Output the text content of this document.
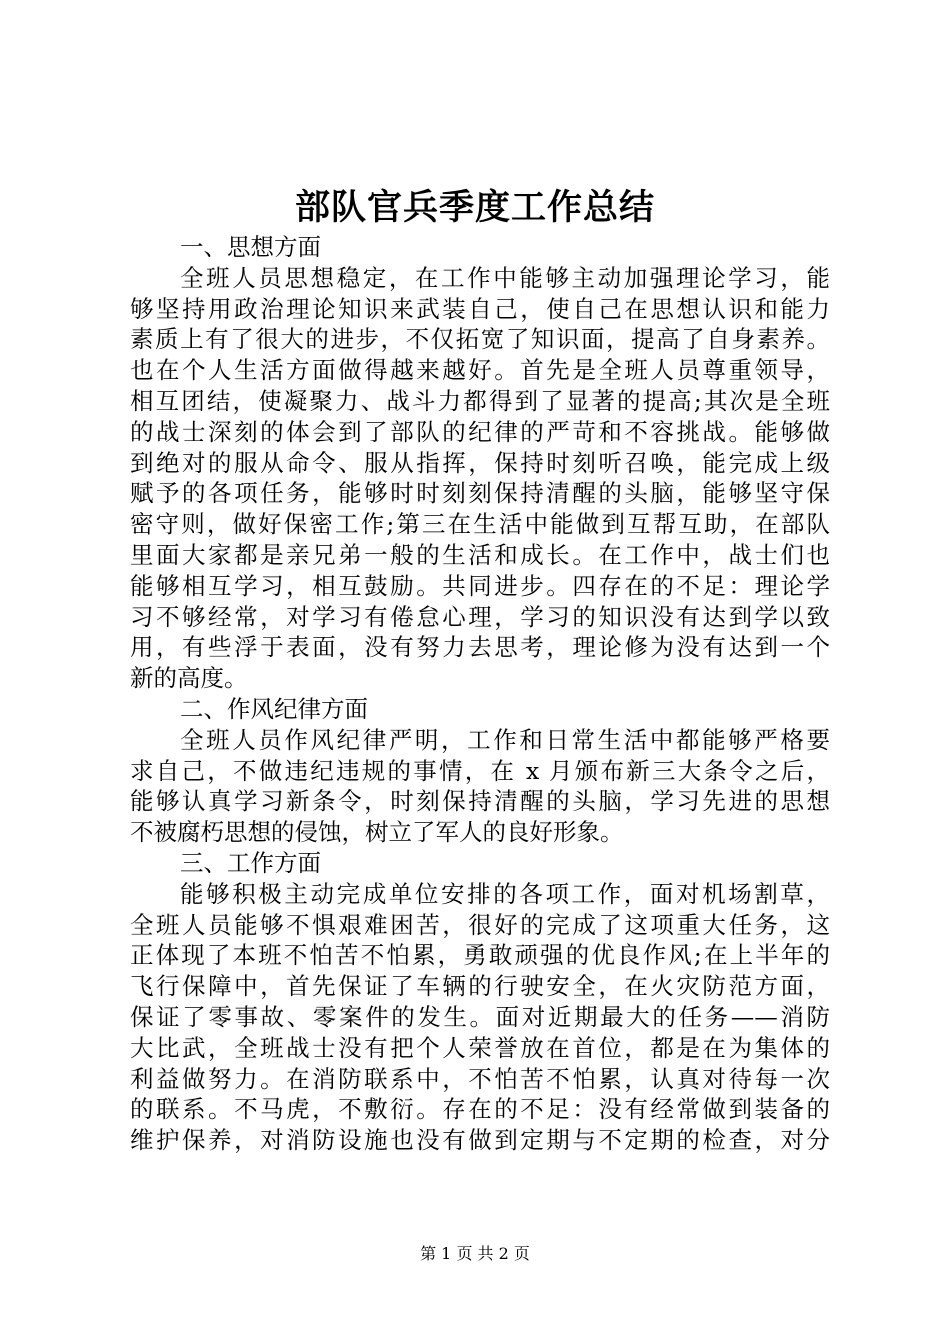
部队官兵季度工作总结
一、思想方面
全班人员思想稳定，在工作中能够主动加强理论学习，能
够坚持用政治理论知识来武装自己，使自己在思想认识和能力
素质上有了很大的进步，不仅拓宽了知识面，提高了自身素养。
也在个人生活方面做得越来越好。首先是全班人员尊重领导，
相互团结，使凝聚力、战斗力都得到了显著的提高;其次是全班
的战士深刻的体会到了部队的纪律的严苛和不容挑战。能够做
到绝对的服从命令、服从指挥，保持时刻听召唤，能完成上级
赋予的各项任务，能够时时刻刻保持清醒的头脑，能够坚守保
密守则，做好保密工作;第三在生活中能做到互帮互助，在部队
里面大家都是亲兄弟一般的生活和成长。在工作中，战士们也
能够相互学习，相互鼓励。共同进步。四存在的不足：理论学
习不够经常，对学习有倦怠心理，学习的知识没有达到学以致
用，有些浮于表面，没有努力去思考，理论修为没有达到一个
新的高度。
二、作风纪律方面
全班人员作风纪律严明，工作和日常生活中都能够严格要
求自己，不做违纪违规的事情，在 x 月颁布新三大条令之后，
能够认真学习新条令，时刻保持清醒的头脑，学习先进的思想
不被腐朽思想的侵蚀，树立了军人的良好形象。
三、工作方面
能够积极主动完成单位安排的各项工作，面对机场割草，
全班人员能够不惧艰难困苦，很好的完成了这项重大任务，这
正体现了本班不怕苦不怕累，勇敢顽强的优良作风;在上半年的
飞行保障中，首先保证了车辆的行驶安全，在火灾防范方面，
保证了零事故、零案件的发生。面对近期最大的任务——消防
大比武，全班战士没有把个人荣誉放在首位，都是在为集体的
利益做努力。在消防联系中，不怕苦不怕累，认真对待每一次
的联系。不马虎，不敷衍。存在的不足：没有经常做到装备的
维护保养，对消防设施也没有做到定期与不定期的检查，对分
第 1 页 共 2 页
